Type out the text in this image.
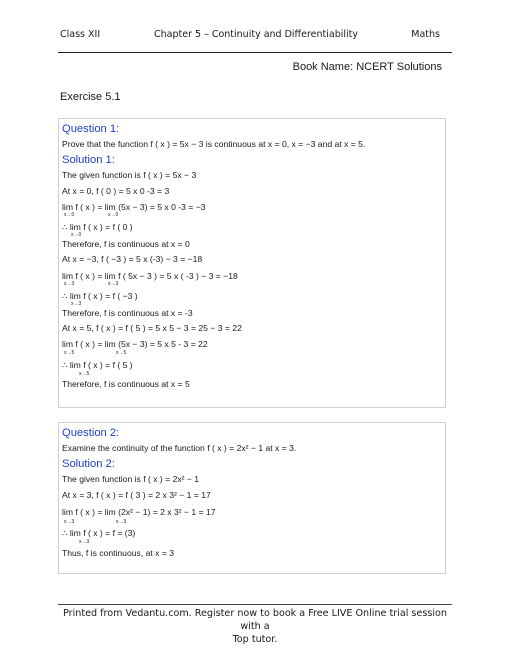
Class XII	Chapter 5 – Continuity and Differentiability	Maths
Book Name: NCERT Solutions
Exercise 5.1
Question 1:
Prove that the function f ( x ) = 5x − 3 is continuous at x = 0, x = −3 and at x = 5.
Solution 1:
The given function is f ( x ) = 5x − 3
At x = 0, f ( 0 ) = 5 x 0 -3 = 3
lim f ( x ) = lim (5x − 3) = 5 x 0 -3 = −3
x→0	x→0
∴ lim f ( x ) = f ( 0 )
x→0
Therefore, f is continuous at x = 0
At x = −3, f ( −3 ) = 5 x (-3) − 3 = −18
lim f ( x ) = lim f ( 5x − 3 ) = 5 x ( -3 ) − 3 = −18
x→3	x→3
∴ lim f ( x ) = f ( −3 )
x→3
Therefore, f is continuous at x = -3
At x = 5, f ( x ) = f ( 5 ) = 5 x 5 − 3 = 25 − 3 = 22
lim f ( x ) = lim (5x − 3) = 5 x 5 - 3 = 22
x→5	x→5
∴ lim f ( x ) = f ( 5 )
x→5
Therefore, f is continuous at x = 5
Question 2:
Examine the continuity of the function f ( x ) = 2x² − 1 at x = 3.
Solution 2:
The given function is f ( x ) = 2x² − 1
At x = 3, f ( x ) = f ( 3 ) = 2 x 3² − 1 = 17
lim f ( x ) = lim (2x² − 1) = 2 x 3² − 1 = 17
x→3	x→3
∴ lim f ( x ) = f = (3)
x→3
Thus, f is continuous, at x = 3
Printed from Vedantu.com. Register now to book a Free LIVE Online trial session with a
Top tutor.
